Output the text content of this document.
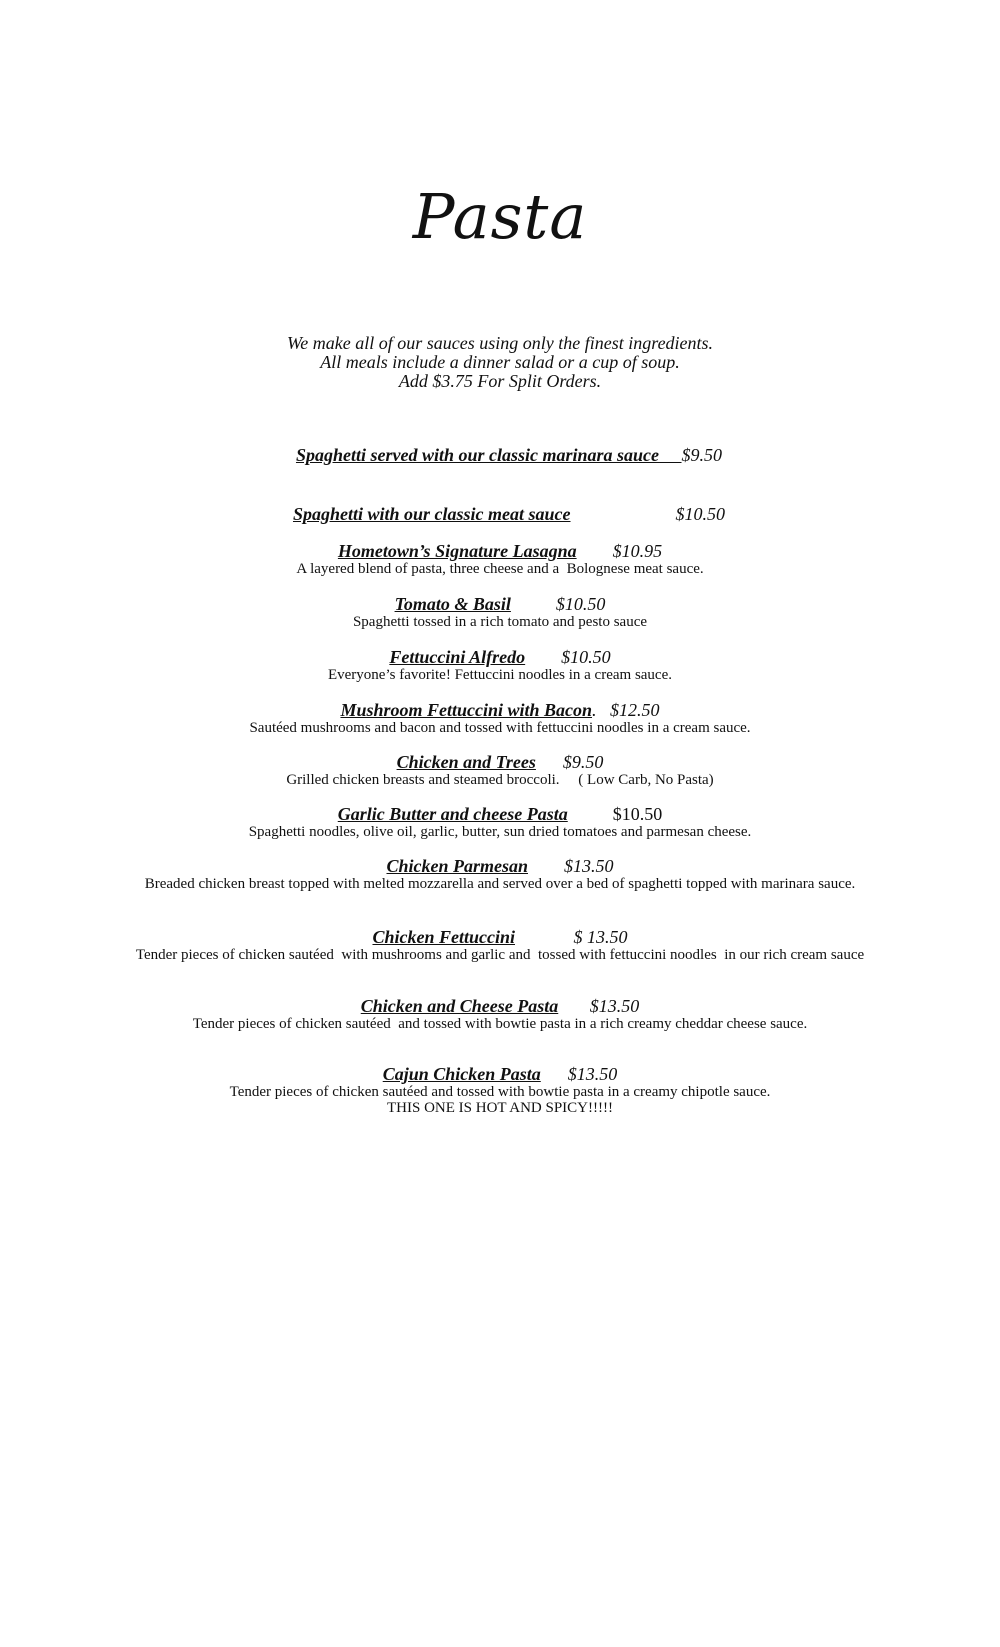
Pasta
We make all of our sauces using only the finest ingredients.
All meals include a dinner salad or a cup of soup.
Add $3.75 For Split Orders.

Spaghetti served with our classic marinara sauce $9.50

Spaghetti with our classic meat sauce	$10.50

Hometown’s Signature Lasagna $10.95
A layered blend of pasta, three cheese and a  Bolognese meat sauce.
Tomato & Basil	$10.50
Spaghetti tossed in a rich tomato and pesto sauce
Fettuccini Alfredo $10.50
Everyone’s favorite! Fettuccini noodles in a cream sauce.
Mushroom Fettuccini with Bacon.   $12.50
Sautéed mushrooms and bacon and tossed with fettuccini noodles in a cream sauce.
Chicken and Trees $9.50
Grilled chicken breasts and steamed broccoli.     ( Low Carb, No Pasta)
Garlic Butter and cheese Pasta	$10.50
Spaghetti noodles, olive oil, garlic, butter, sun dried tomatoes and parmesan cheese.
Chicken Parmesan $13.50
Breaded chicken breast topped with melted mozzarella and served over a bed of spaghetti topped with marinara sauce.
Chicken Fettuccini	$ 13.50
Tender pieces of chicken sautéed  with mushrooms and garlic and  tossed with fettuccini noodles  in our rich cream sauce
Chicken and Cheese Pasta $13.50
Tender pieces of chicken sautéed  and tossed with bowtie pasta in a rich creamy cheddar cheese sauce.
Cajun Chicken Pasta $13.50
Tender pieces of chicken sautéed and tossed with bowtie pasta in a creamy chipotle sauce.
THIS ONE IS HOT AND SPICY!!!!!
